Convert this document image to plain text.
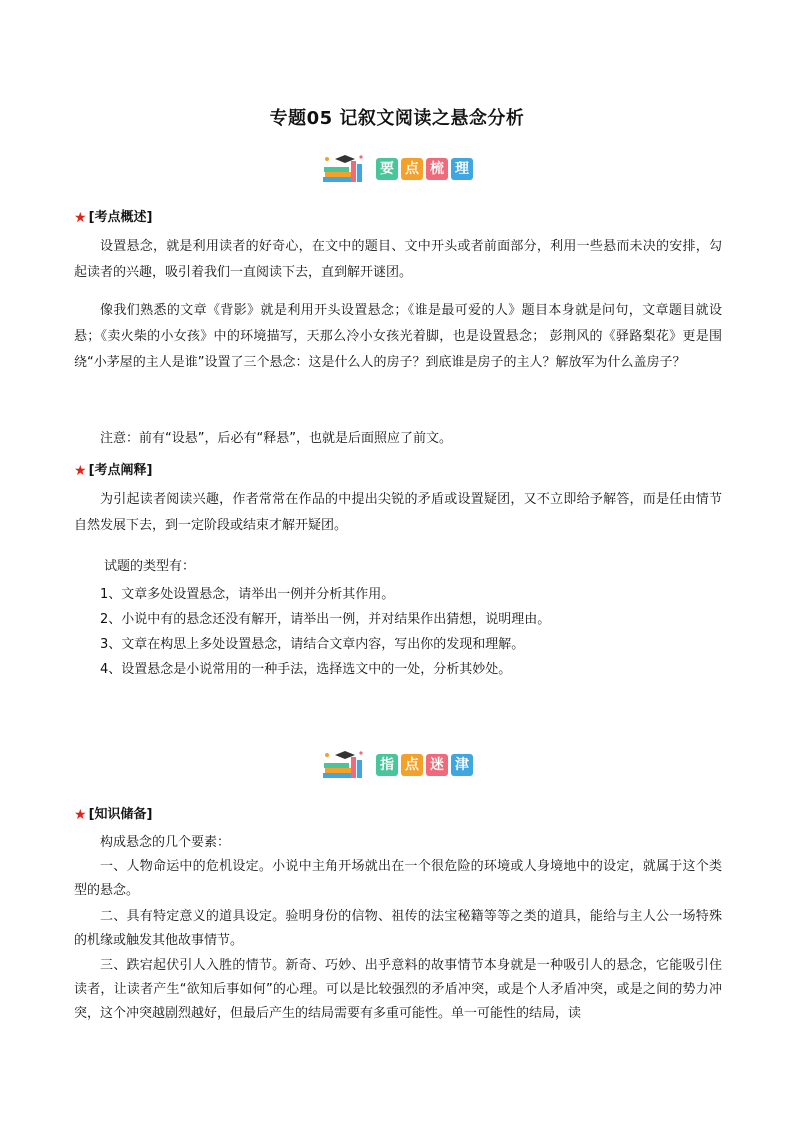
专题05 记叙文阅读之悬念分析
要 点 梳 理
★ [考点概述]

设置悬念，就是利用读者的好奇心，在文中的题目、文中开头或者前面部分，利用一些悬而未决的安排，勾起读者的兴趣，吸引着我们一直阅读下去，直到解开谜团。

像我们熟悉的文章《背影》就是利用开头设置悬念；《谁是最可爱的人》题目本身就是问句，文章题目就设悬；《卖火柴的小女孩》中的环境描写，天那么冷小女孩光着脚，也是设置悬念； 彭荆风的《驿路梨花》更是围绕“小茅屋的主人是谁”设置了三个悬念：这是什么人的房子？到底谁是房子的主人？解放军为什么盖房子？

注意：前有“设悬”，后必有“释悬”，也就是后面照应了前文。

★ [考点阐释]

为引起读者阅读兴趣，作者常常在作品的中提出尖锐的矛盾或设置疑团，又不立即给予解答，而是任由情节自然发展下去，到一定阶段或结束才解开疑团。

试题的类型有：
1、文章多处设置悬念，请举出一例并分析其作用。
2、小说中有的悬念还没有解开，请举出一例，并对结果作出猜想，说明理由。
3、文章在构思上多处设置悬念，请结合文章内容，写出你的发现和理解。
4、设置悬念是小说常用的一种手法，选择选文中的一处，分析其妙处。
指 点 迷 津
★ [知识储备]

构成悬念的几个要素：

一、人物命运中的危机设定。小说中主角开场就出在一个很危险的环境或人身境地中的设定，就属于这个类型的悬念。

二、具有特定意义的道具设定。验明身份的信物、祖传的法宝秘籍等等之类的道具，能给与主人公一场特殊的机缘或触发其他故事情节。

三、跌宕起伏引人入胜的情节。新奇、巧妙、出乎意料的故事情节本身就是一种吸引人的悬念，它能吸引住读者，让读者产生“欲知后事如何”的心理。可以是比较强烈的矛盾冲突，或是个人矛盾冲突，或是之间的势力冲突，这个冲突越剧烈越好，但最后产生的结局需要有多重可能性。单一可能性的结局，读
